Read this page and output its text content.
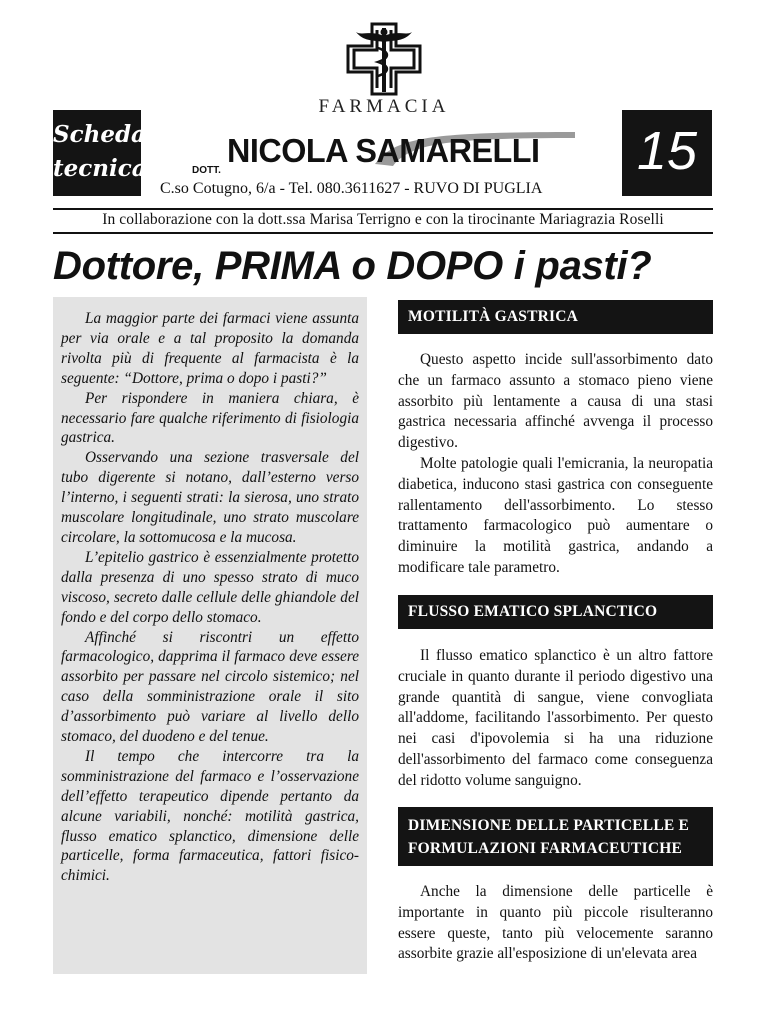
FARMACIA
Scheda
tecnica	15
DOTT.
NICOLA SAMARELLI
C.so Cotugno, 6/a - Tel. 080.3611627 - RUVO DI PUGLIA
In collaborazione con la dott.ssa Marisa Terrigno e con la tirocinante Mariagrazia Roselli
Dottore, PRIMA o DOPO i pasti?

La maggior parte dei farmaci viene assunta per via orale e a tal proposito la domanda rivolta più di frequente al farmacista è la seguente: “Dottore, prima o dopo i pasti?”

Per rispondere in maniera chiara, è necessario fare qualche riferimento di fisiologia gastrica.

Osservando una sezione trasversale del tubo digerente si notano, dall’esterno verso l’interno, i seguenti strati: la sierosa, uno strato muscolare longitudinale, uno strato muscolare circolare, la sottomucosa e la mucosa.

L’epitelio gastrico è essenzialmente protetto dalla presenza di uno spesso strato di muco viscoso, secreto dalle cellule delle ghiandole del fondo e del corpo dello stomaco.

Affinché si riscontri un effetto farmacologico, dapprima il farmaco deve essere assorbito per passare nel circolo sistemico; nel caso della somministrazione orale il sito d’assorbimento può variare al livello dello stomaco, del duodeno e del tenue.

Il tempo che intercorre tra la somministrazione del farmaco e l’osservazione dell’effetto terapeutico dipende pertanto da alcune variabili, nonché: motilità gastrica, flusso ematico splanctico, dimensione delle particelle, forma farmaceutica, fattori fisico-chimici.

MOTILITÀ GASTRICA

Questo aspetto incide sull'assorbimento dato che un farmaco assunto a stomaco pieno viene assorbito più lentamente a causa di una stasi gastrica necessaria affinché avvenga il processo digestivo.

Molte patologie quali l'emicrania, la neuropatia diabetica, inducono stasi gastrica con conseguente rallentamento dell'assorbimento. Lo stesso trattamento farmacologico può aumentare o diminuire la motilità gastrica, andando a modificare tale parametro.

FLUSSO EMATICO SPLANCTICO

Il flusso ematico splanctico è un altro fattore cruciale in quanto durante il periodo digestivo una grande quantità di sangue, viene convogliata all'addome, facilitando l'assorbimento. Per questo nei casi d'ipovolemia si ha una riduzione dell'assorbimento del farmaco come conseguenza del ridotto volume sanguigno.

DIMENSIONE DELLE PARTICELLE E
FORMULAZIONI FARMACEUTICHE

Anche la dimensione delle particelle è importante in quanto più piccole risulteranno essere queste, tanto più velocemente saranno assorbite grazie all'esposizione di un'elevata area
